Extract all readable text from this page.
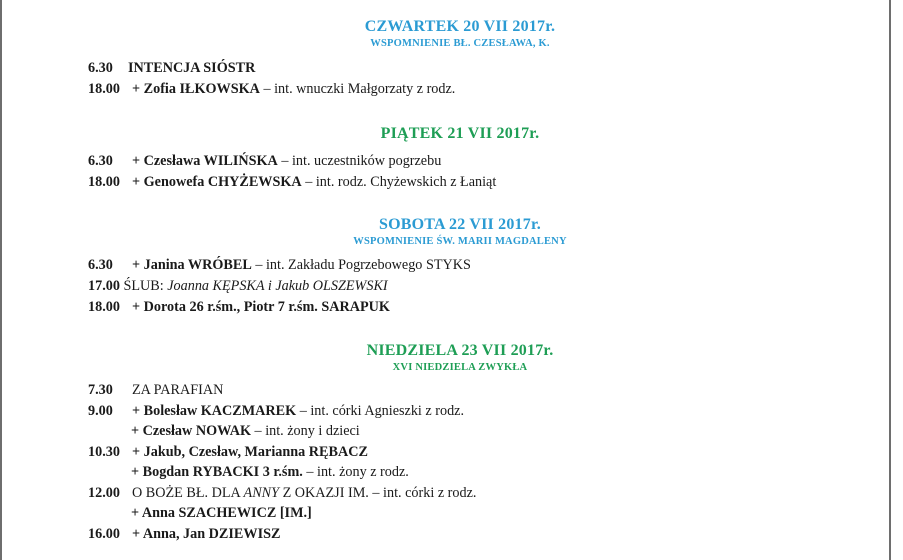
CZWARTEK 20 VII 2017r.
WSPOMNIENIE BŁ. CZESŁAWA, K.
6.30 INTENCJA SIÓSTR
18.00 + Zofia IŁKOWSKA – int. wnuczki Małgorzaty z rodz.
PIĄTEK 21 VII 2017r.
6.30 + Czesława WILIŃSKA – int. uczestników pogrzebu
18.00 + Genowefa CHYŻEWSKA – int. rodz. Chyżewskich z Łaniąt
SOBOTA 22 VII 2017r.
WSPOMNIENIE ŚW. MARII MAGDALENY
6.30 + Janina WRÓBEL – int. Zakładu Pogrzebowego STYKS
17.00 ŚLUB: Joanna KĘPSKA i Jakub OLSZEWSKI
18.00 + Dorota 26 r.śm., Piotr 7 r.śm. SARAPUK
NIEDZIELA 23 VII 2017r.
XVI NIEDZIELA ZWYKŁA
7.30 ZA PARAFIAN
9.00 + Bolesław KACZMAREK – int. córki Agnieszki z rodz.
+ Czesław NOWAK – int. żony i dzieci
10.30 + Jakub, Czesław, Marianna RĘBACZ
+ Bogdan RYBACKI 3 r.śm. – int. żony z rodz.
12.00 O BOŻE BŁ. DLA ANNY Z OKAZJI IM. – int. córki z rodz.
+ Anna SZACHEWICZ [IM.]
16.00 + Anna, Jan DZIEWISZ
